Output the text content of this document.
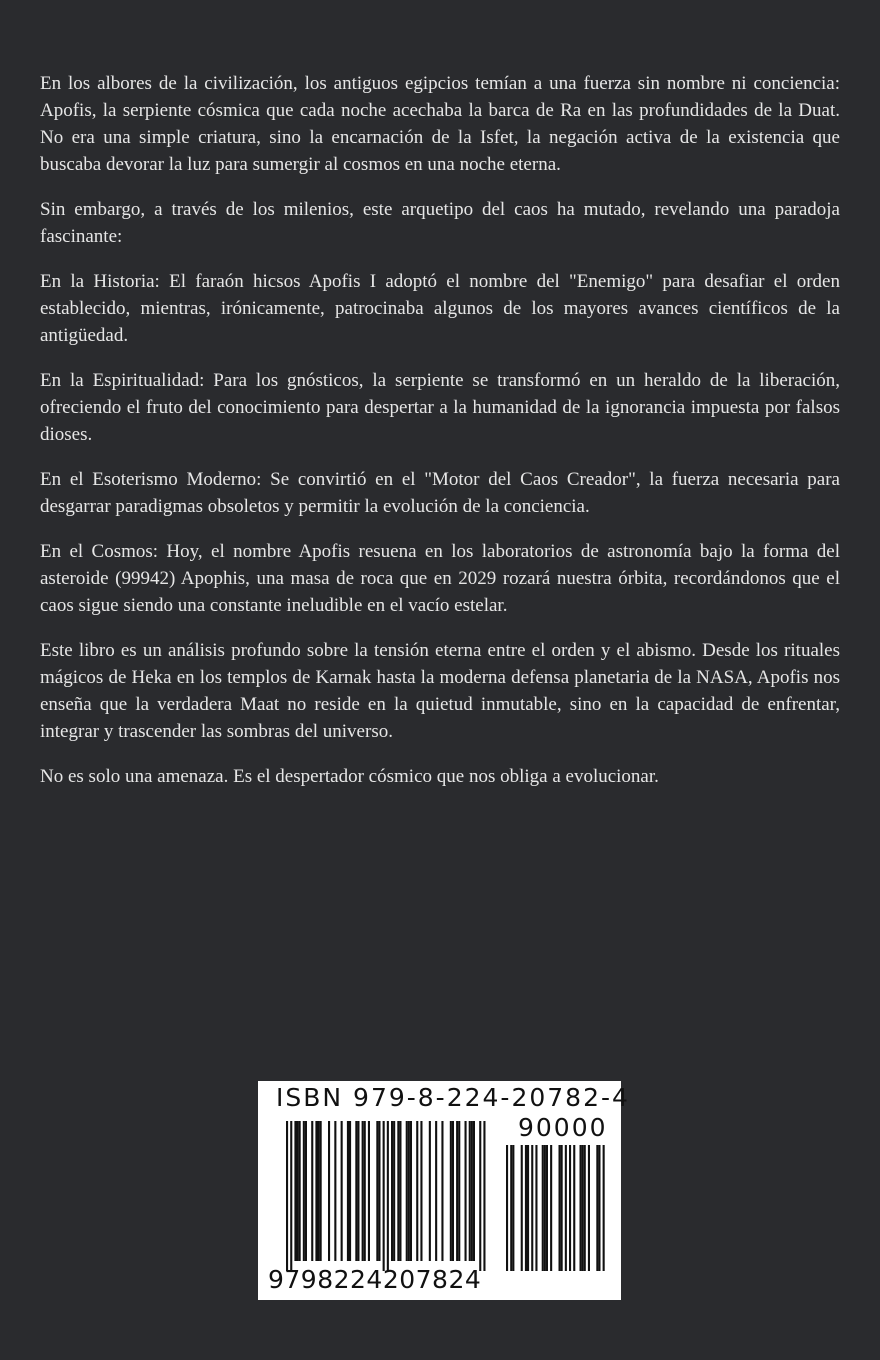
En los albores de la civilización, los antiguos egipcios temían a una fuerza sin nombre ni conciencia: Apofis, la serpiente cósmica que cada noche acechaba la barca de Ra en las profundidades de la Duat. No era una simple criatura, sino la encarnación de la Isfet, la negación activa de la existencia que buscaba devorar la luz para sumergir al cosmos en una noche eterna.

Sin embargo, a través de los milenios, este arquetipo del caos ha mutado, revelando una paradoja fascinante:

En la Historia: El faraón hicsos Apofis I adoptó el nombre del "Enemigo" para desafiar el orden establecido, mientras, irónicamente, patrocinaba algunos de los mayores avances científicos de la antigüedad.

En la Espiritualidad: Para los gnósticos, la serpiente se transformó en un heraldo de la liberación, ofreciendo el fruto del conocimiento para despertar a la humanidad de la ignorancia impuesta por falsos dioses.

En el Esoterismo Moderno: Se convirtió en el "Motor del Caos Creador", la fuerza necesaria para desgarrar paradigmas obsoletos y permitir la evolución de la conciencia.

En el Cosmos: Hoy, el nombre Apofis resuena en los laboratorios de astronomía bajo la forma del asteroide (99942) Apophis, una masa de roca que en 2029 rozará nuestra órbita, recordándonos que el caos sigue siendo una constante ineludible en el vacío estelar.

Este libro es un análisis profundo sobre la tensión eterna entre el orden y el abismo. Desde los rituales mágicos de Heka en los templos de Karnak hasta la moderna defensa planetaria de la NASA, Apofis nos enseña que la verdadera Maat no reside en la quietud inmutable, sino en la capacidad de enfrentar, integrar y trascender las sombras del universo.

No es solo una amenaza. Es el despertador cósmico que nos obliga a evolucionar.

ISBN 979-8-224-20782-4
90000
9798224207824
